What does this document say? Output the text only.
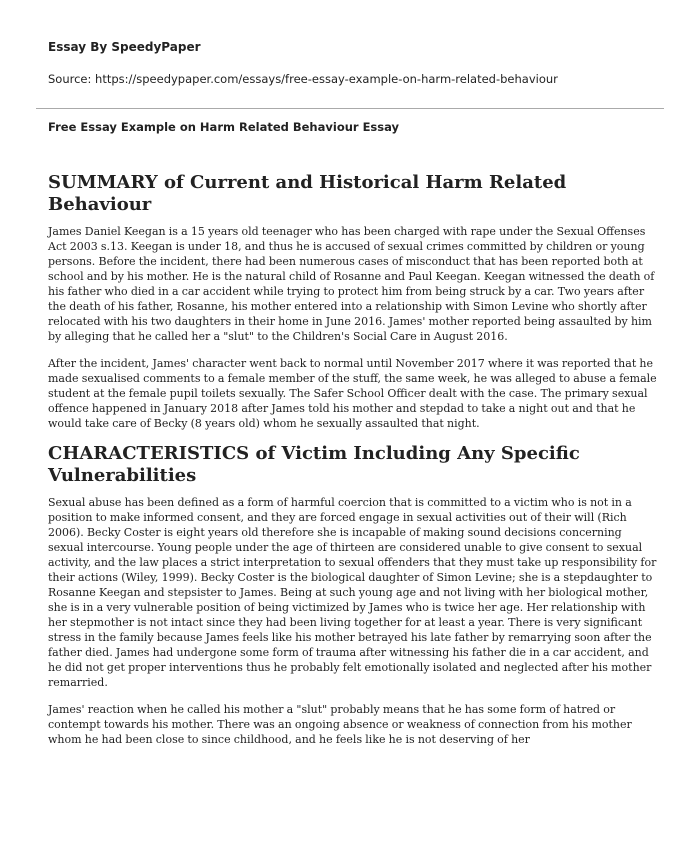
Essay By SpeedyPaper
Source: https://speedypaper.com/essays/free-essay-example-on-harm-related-behaviour
Free Essay Example on Harm Related Behaviour Essay
SUMMARY of Current and Historical Harm Related Behaviour

James Daniel Keegan is a 15 years old teenager who has been charged with rape under the Sexual Offenses Act 2003 s.13. Keegan is under 18, and thus he is accused of sexual crimes committed by children or young persons. Before the incident, there had been numerous cases of misconduct that has been reported both at school and by his mother. He is the natural child of Rosanne and Paul Keegan. Keegan witnessed the death of his father who died in a car accident while trying to protect him from being struck by a car. Two years after the death of his father, Rosanne, his mother entered into a relationship with Simon Levine who shortly after relocated with his two daughters in their home in June 2016. James' mother reported being assaulted by him by alleging that he called her a "slut" to the Children's Social Care in August 2016.

After the incident, James' character went back to normal until November 2017 where it was reported that he made sexualised comments to a female member of the stuff, the same week, he was alleged to abuse a female student at the female pupil toilets sexually. The Safer School Officer dealt with the case. The primary sexual offence happened in January 2018 after James told his mother and stepdad to take a night out and that he would take care of Becky (8 years old) whom he sexually assaulted that night.

CHARACTERISTICS of Victim Including Any Specific Vulnerabilities

Sexual abuse has been defined as a form of harmful coercion that is committed to a victim who is not in a position to make informed consent, and they are forced engage in sexual activities out of their will (Rich 2006). Becky Coster is eight years old therefore she is incapable of making sound decisions concerning sexual intercourse. Young people under the age of thirteen are considered unable to give consent to sexual activity, and the law places a strict interpretation to sexual offenders that they must take up responsibility for their actions (Wiley, 1999). Becky Coster is the biological daughter of Simon Levine; she is a stepdaughter to Rosanne Keegan and stepsister to James. Being at such young age and not living with her biological mother, she is in a very vulnerable position of being victimized by James who is twice her age. Her relationship with her stepmother is not intact since they had been living together for at least a year. There is very significant stress in the family because James feels like his mother betrayed his late father by remarrying soon after the father died. James had undergone some form of trauma after witnessing his father die in a car accident, and he did not get proper interventions thus he probably felt emotionally isolated and neglected after his mother remarried.

James' reaction when he called his mother a "slut" probably means that he has some form of hatred or contempt towards his mother. There was an ongoing absence or weakness of connection from his mother whom he had been close to since childhood, and he feels like he is not deserving of her
